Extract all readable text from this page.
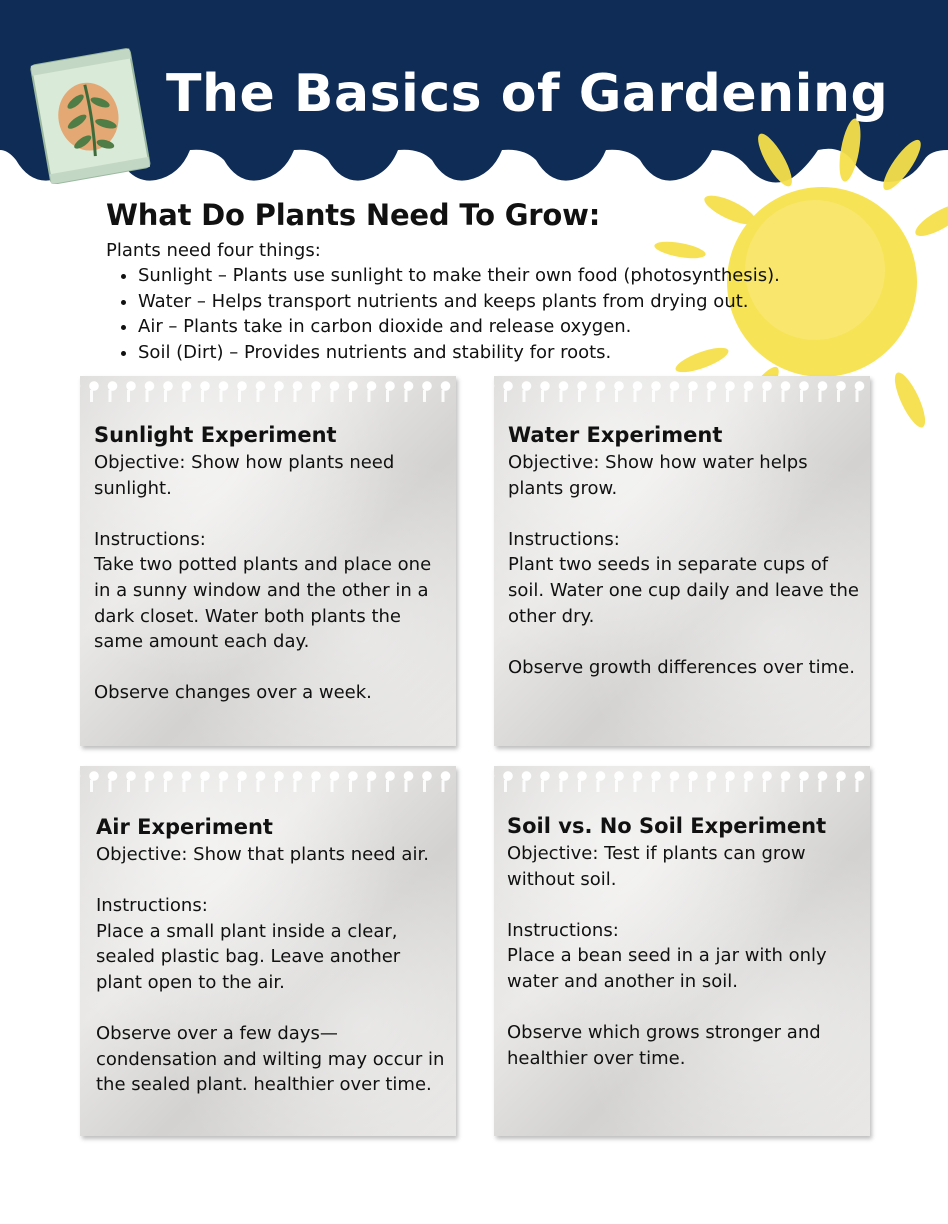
The Basics of Gardening
What Do Plants Need To Grow:

Plants need four things:

• Sunlight – Plants use sunlight to make their own food (photosynthesis).
• Water – Helps transport nutrients and keeps plants from drying out.
• Air – Plants take in carbon dioxide and release oxygen.
• Soil (Dirt) – Provides nutrients and stability for roots.
Sunlight Experiment

Objective: Show how plants need sunlight.

Instructions:

Take two potted plants and place one in a sunny window and the other in a dark closet. Water both plants the same amount each day.

Observe changes over a week.

Water Experiment

Objective: Show how water helps plants grow.

Instructions:

Plant two seeds in separate cups of soil. Water one cup daily and leave the other dry.

Observe growth differences over time.

Air Experiment

Objective: Show that plants need air.

Instructions:

Place a small plant inside a clear, sealed plastic bag. Leave another plant open to the air.

Observe over a few days—condensation and wilting may occur in the sealed plant. healthier over time.

Soil vs. No Soil Experiment

Objective: Test if plants can grow without soil.

Instructions:

Place a bean seed in a jar with only water and another in soil.

Observe which grows stronger and healthier over time.
